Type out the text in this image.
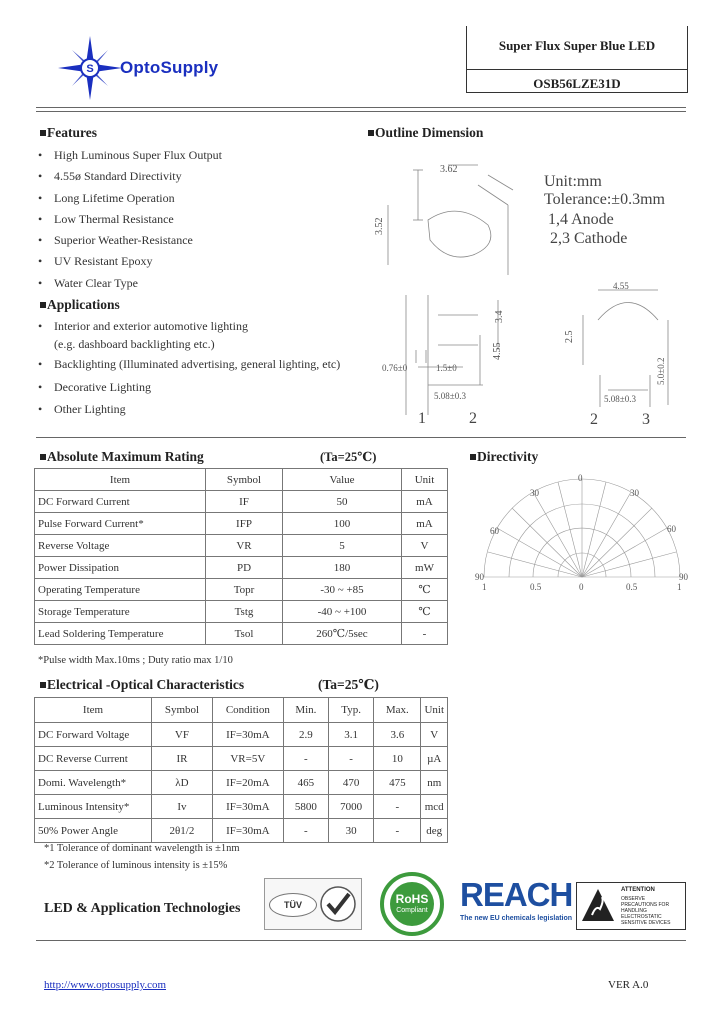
S OptoSupply
Super Flux Super Blue LED
OSB56LZE31D
Features
• High Luminous Super Flux Output
• 4.55ø Standard Directivity
• Long Lifetime Operation
• Low Thermal Resistance
• Superior Weather-Resistance
• UV Resistant Epoxy
• Water Clear Type
Applications
• Interior and exterior automotive lighting
(e.g. dashboard backlighting etc.)
• Backlighting (Illuminated advertising, general lighting, etc)
• Decorative Lighting
• Other Lighting
Outline Dimension
3.62
3.52
Unit:mm
Tolerance:±0.3mm
1,4 Anode
2,3 Cathode
0.76±0	1.5±0
5.08±0.3
3.4
4.55
1	2
4.55
2.5
5.0±0.2
5.08±0.3
2	3
Absolute Maximum Rating	(Ta=25℃)
Item	Symbol	Value	Unit
DC Forward Current	IF	50	mA
Pulse Forward Current*	IFP	100	mA
Reverse Voltage	VR	5	V
Power Dissipation	PD	180	mW
Operating Temperature	Topr	-30 ~ +85	℃
Storage Temperature	Tstg	-40 ~ +100	℃
Lead Soldering Temperature	Tsol	260℃/5sec	-
*Pulse width Max.10ms ; Duty ratio max 1/10
Directivity
30
0
30
60	60
90	90
1	0.5	0	0.5	1
Electrical -Optical Characteristics	(Ta=25℃)
Item	Symbol	Condition	Min.	Typ.	Max.	Unit
DC Forward Voltage	VF	IF=30mA	2.9	3.1	3.6	V
DC Reverse Current	IR	VR=5V	-	-	10	µA
Domi. Wavelength*	λD	IF=20mA	465	470	475	nm
Luminous Intensity*	Iv	IF=30mA	5800	7000	-	mcd
50% Power Angle	2θ1/2	IF=30mA	-	30	-	deg
*1 Tolerance of dominant wavelength is ±1nm
*2 Tolerance of luminous intensity is ±15%
LED & Application Technologies	TÜV	RoHS
Compliant REACH
The new EU chemicals legislation
ATTENTION
OBSERVE PRECAUTIONS FOR HANDLING ELECTROSTATIC SENSITIVE DEVICES
http://www.optosupply.com	VER A.0
